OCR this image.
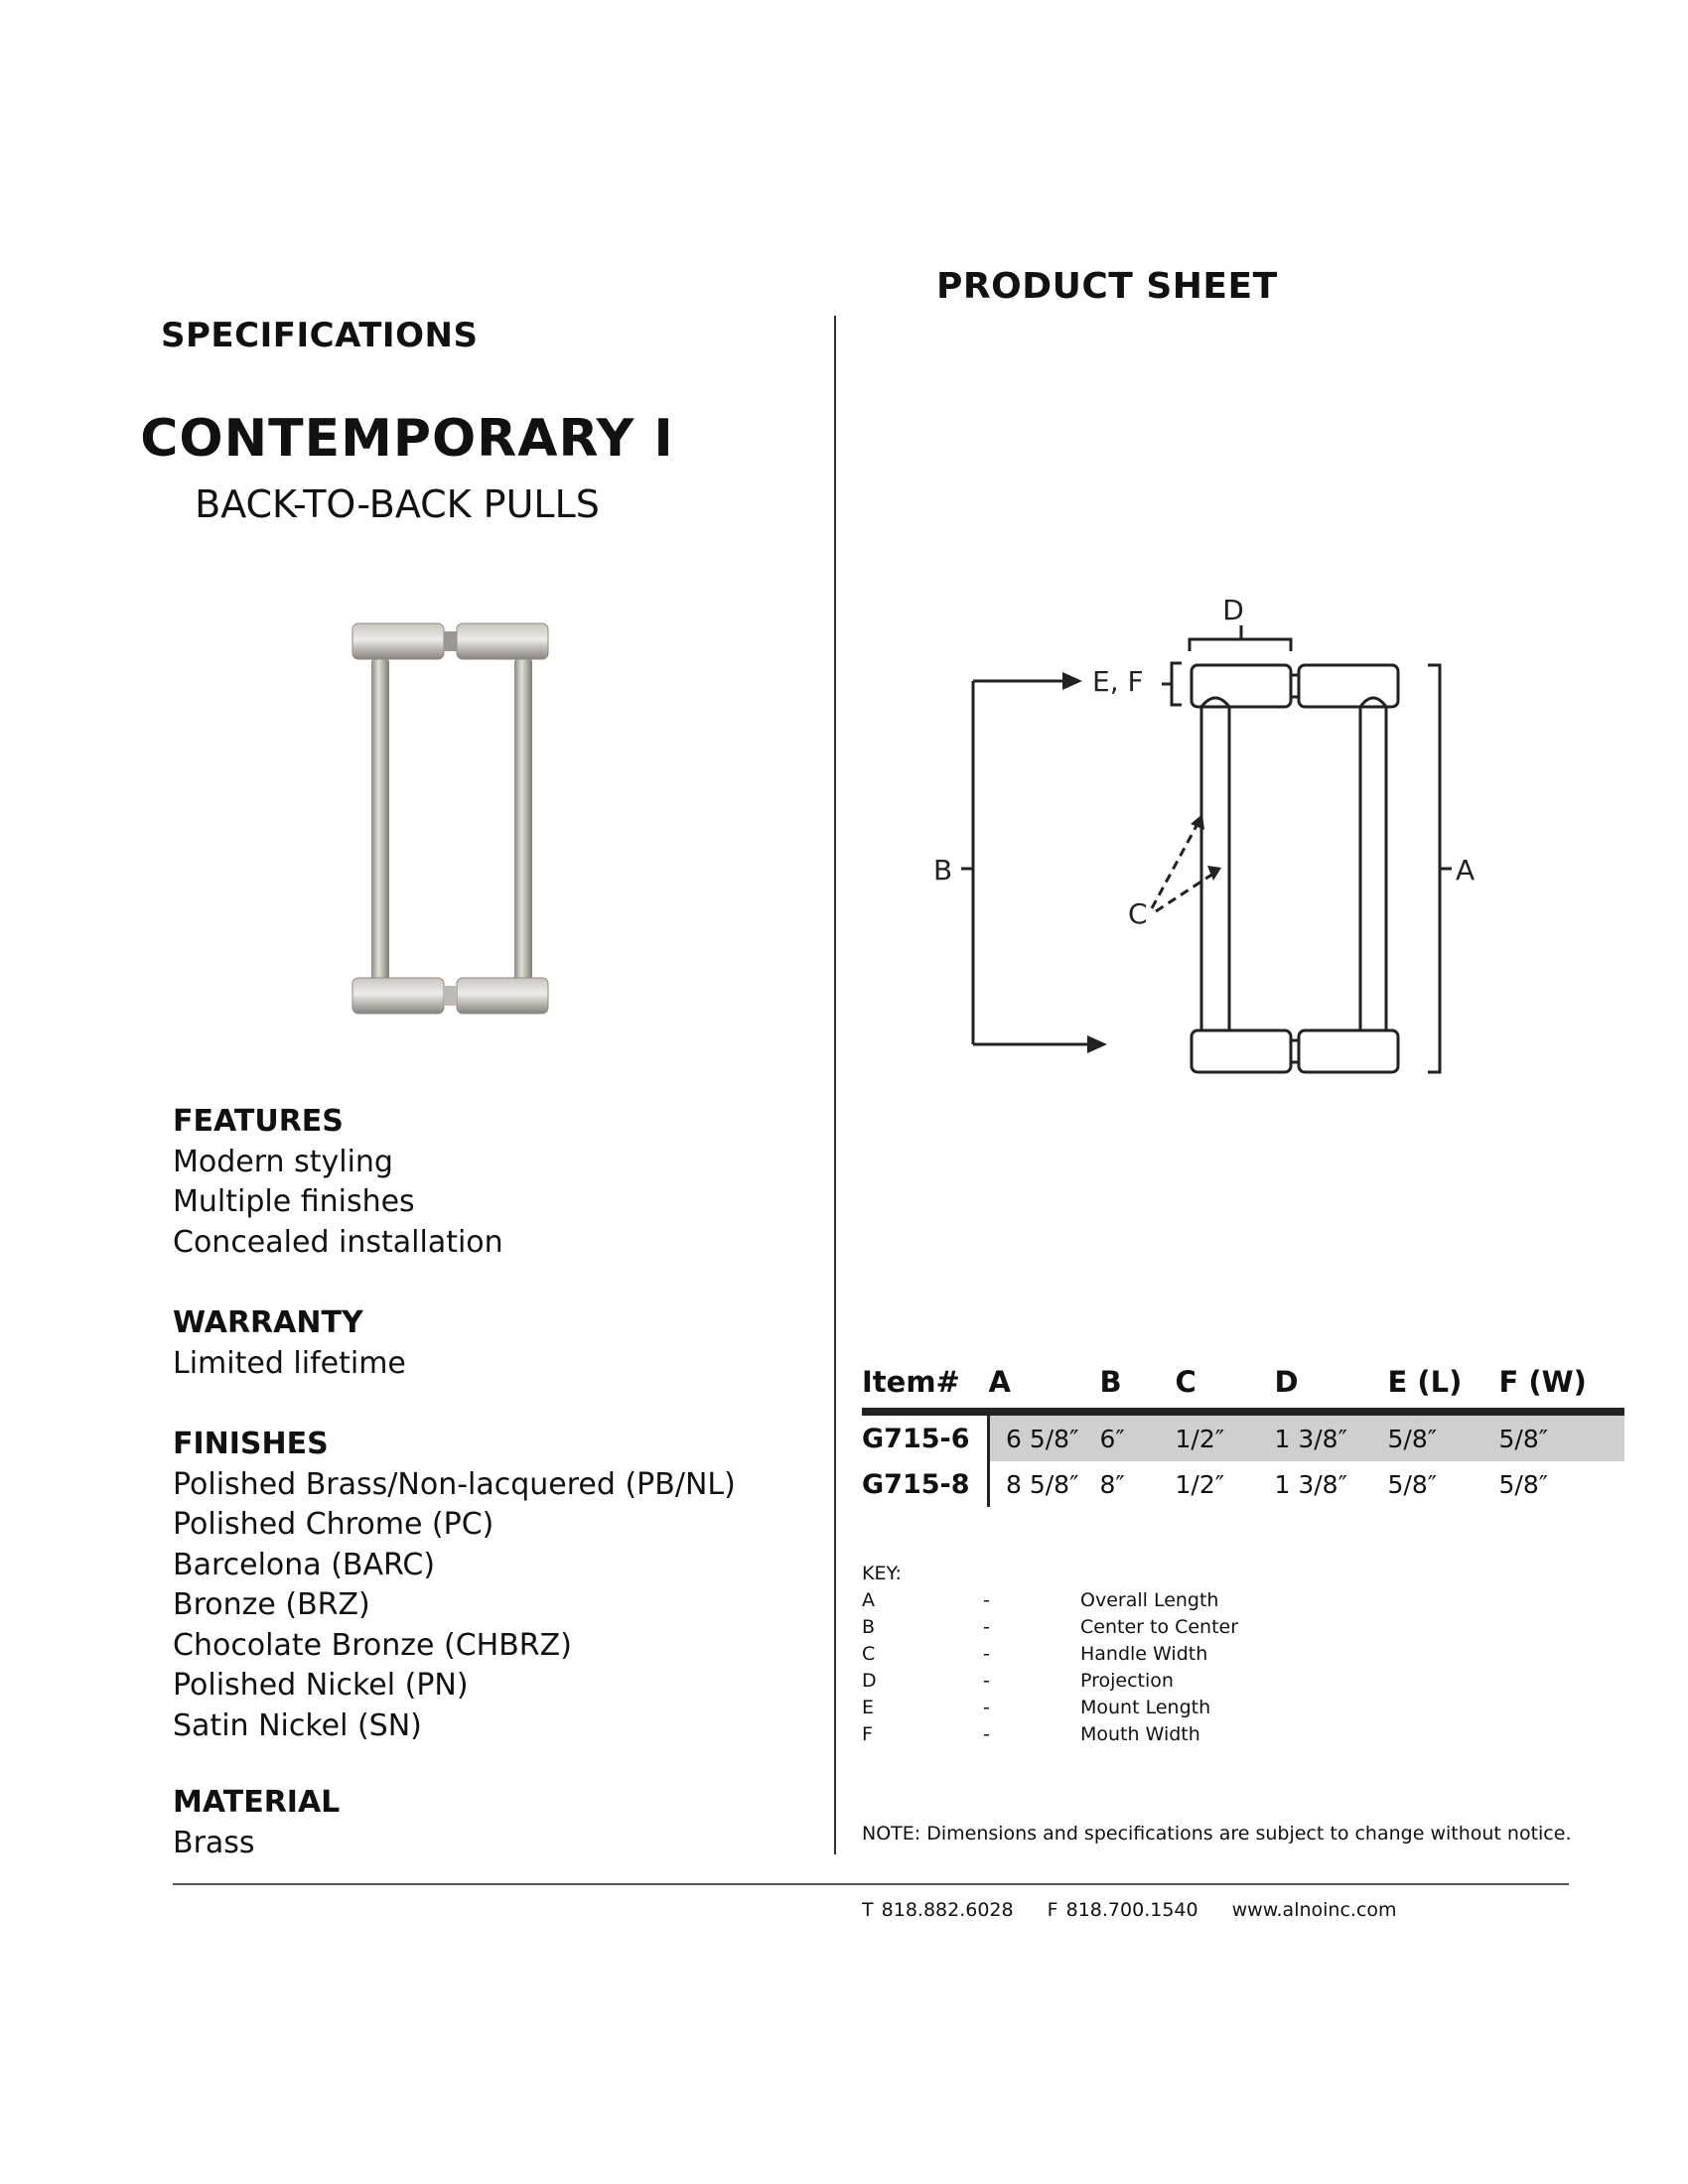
PRODUCT SHEET
SPECIFICATIONS
CONTEMPORARY I
BACK-TO-BACK PULLS
D
E, F
B	A
C
FEATURES
Modern styling
Multiple finishes
Concealed installation
WARRANTY
Limited lifetime
FINISHES
Polished Brass/Non-lacquered (PB/NL)
Polished Chrome (PC)
Barcelona (BARC)
Bronze (BRZ)
Chocolate Bronze (CHBRZ)
Polished Nickel (PN)
Satin Nickel (SN)
MATERIAL
Brass
Item#	A	B	C	D	E (L)	F (W)
G715-6	6 5/8″	6″	1/2″	1 3/8″	5/8″	5/8″
G715-8	8 5/8″	8″	1/2″	1 3/8″	5/8″	5/8″
KEY:
A	-	Overall Length
B	-	Center to Center
C	-	Handle Width
D	-	Projection
E	-	Mount Length
F	-	Mouth Width
NOTE: Dimensions and specifications are subject to change without notice.
T 818.882.6028 F 818.700.1540 www.alnoinc.com
